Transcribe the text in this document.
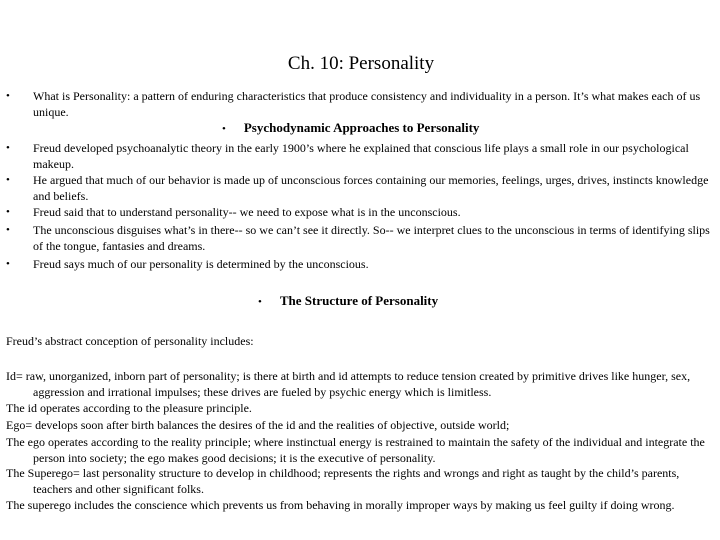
Ch. 10: Personality
• What is Personality: a pattern of enduring characteristics that produce consistency and individuality in a person. It’s what makes each of us unique.
• Psychodynamic Approaches to Personality
• Freud developed psychoanalytic theory in the early 1900’s where he explained that conscious life plays a small role in our psychological makeup.
• He argued that much of our behavior is made up of unconscious forces containing our memories, feelings, urges, drives, instincts knowledge and beliefs.
• Freud said that to understand personality-- we need to expose what is in the unconscious.
• The unconscious disguises what’s in there-- so we can’t see it directly. So-- we interpret clues to the unconscious in terms of identifying slips of the tongue, fantasies and dreams.
• Freud says much of our personality is determined by the unconscious.
• The Structure of Personality
Freud’s abstract conception of personality includes:
Id= raw, unorganized, inborn part of personality; is there at birth and id attempts to reduce tension created by primitive drives like hunger, sex, aggression and irrational impulses; these drives are fueled by psychic energy which is limitless.
The id operates according to the pleasure principle.
Ego= develops soon after birth balances the desires of the id and the realities of objective, outside world;
The ego operates according to the reality principle; where instinctual energy is restrained to maintain the safety of the individual and integrate the person into society; the ego makes good decisions; it is the executive of personality.
The Superego= last personality structure to develop in childhood; represents the rights and wrongs and right as taught by the child’s parents, teachers and other significant folks.
The superego includes the conscience which prevents us from behaving in morally improper ways by making us feel guilty if doing wrong.
